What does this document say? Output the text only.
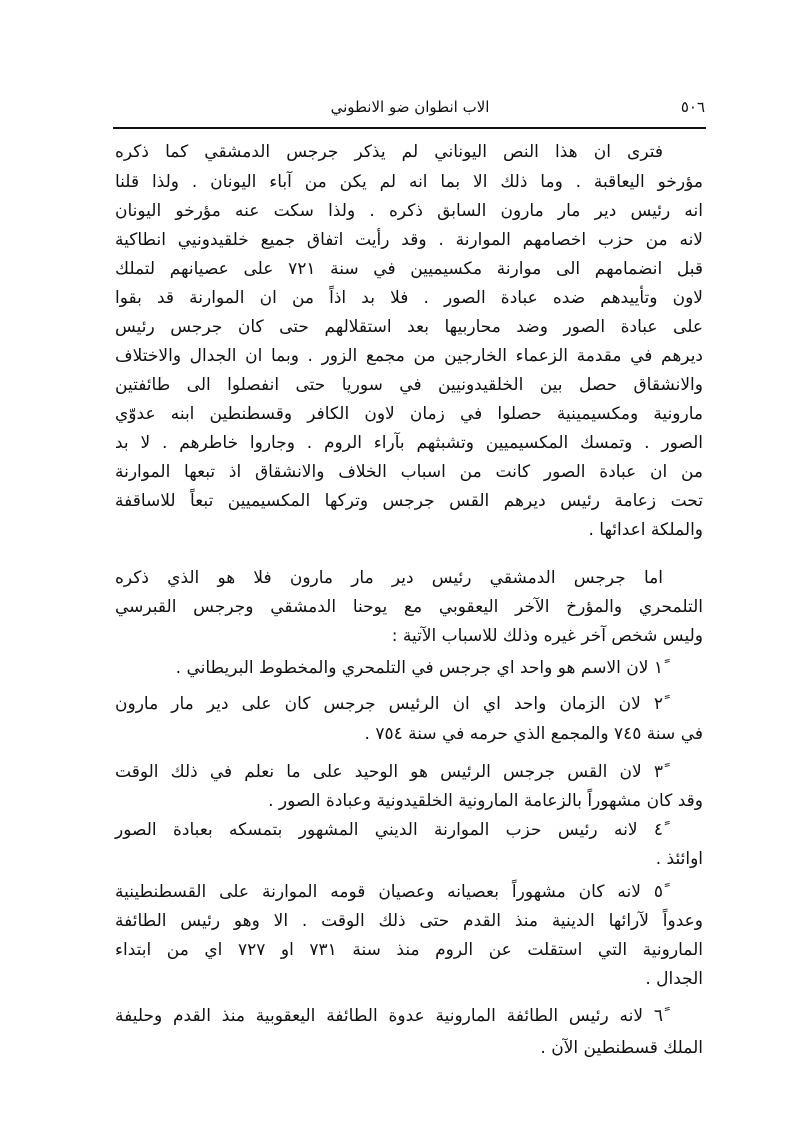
٥٠٦
الاب انطوان ضو الانطوني
فترى ان هذا النص اليوناني لم يذكر جرجس الدمشقي كما ذكره
مؤرخو اليعاقبة . وما ذلك الا بما انه لم يكن من آباء اليونان . ولذا قلنا
انه رئيس دير مار مارون السابق ذكره . ولذا سكت عنه مؤرخو اليونان
لانه من حزب اخصامهم الموارنة . وقد رأيت اتفاق جميع خلقيدونيي انطاكية
قبل انضمامهم الى موارنة مكسيميين في سنة ٧٢١ على عصيانهم لتملك
لاون وتأييدهم ضده عبادة الصور . فلا بد اذاً من ان الموارنة قد بقوا
على عبادة الصور وضد محاربيها بعد استقلالهم حتى كان جرجس رئيس
ديرهم في مقدمة الزعماء الخارجين من مجمع الزور . وبما ان الجدال والاختلاف
والانشقاق حصل بين الخلقيدونيين في سوريا حتى انفصلوا الى طائفتين
مارونية ومكسيمينية حصلوا في زمان لاون الكافر وقسطنطين ابنه عدوّي
الصور . وتمسك المكسيميين وتشبثهم بآراء الروم . وجاروا خاطرهم . لا بد
من ان عبادة الصور كانت من اسباب الخلاف والانشقاق اذ تبعها الموارنة
تحت زعامة رئيس ديرهم القس جرجس وتركها المكسيميين تبعاً للاساقفة
والملكة اعدائها .
اما جرجس الدمشقي رئيس دير مار مارون فلا هو الذي ذكره
التلمحري والمؤرخ الآخر اليعقوبي مع يوحنا الدمشقي وجرجس القبرسي
وليس شخص آخر غيره وذلك للاسباب الآتية :
١ً لان الاسم هو واحد اي جرجس في التلمحري والمخطوط البريطاني .
٢ً لان الزمان واحد اي ان الرئيس جرجس كان على دير مار مارون
في سنة ٧٤٥ والمجمع الذي حرمه في سنة ٧٥٤ .
٣ً لان القس جرجس الرئيس هو الوحيد على ما نعلم في ذلك الوقت
وقد كان مشهوراً بالزعامة المارونية الخلقيدونية وعبادة الصور .
٤ً لانه رئيس حزب الموارنة الديني المشهور بتمسكه بعبادة الصور
اوائئذ .
٥ً لانه كان مشهوراً بعصيانه وعصيان قومه الموارنة على القسطنطينية
وعدواً لآرائها الدينية منذ القدم حتى ذلك الوقت . الا وهو رئيس الطائفة
المارونية التي استقلت عن الروم منذ سنة ٧٣١ او ٧٢٧ اي من ابتداء
الجدال .
٦ً لانه رئيس الطائفة المارونية عدوة الطائفة اليعقوبية منذ القدم وحليفة
الملك قسطنطين الآن .
